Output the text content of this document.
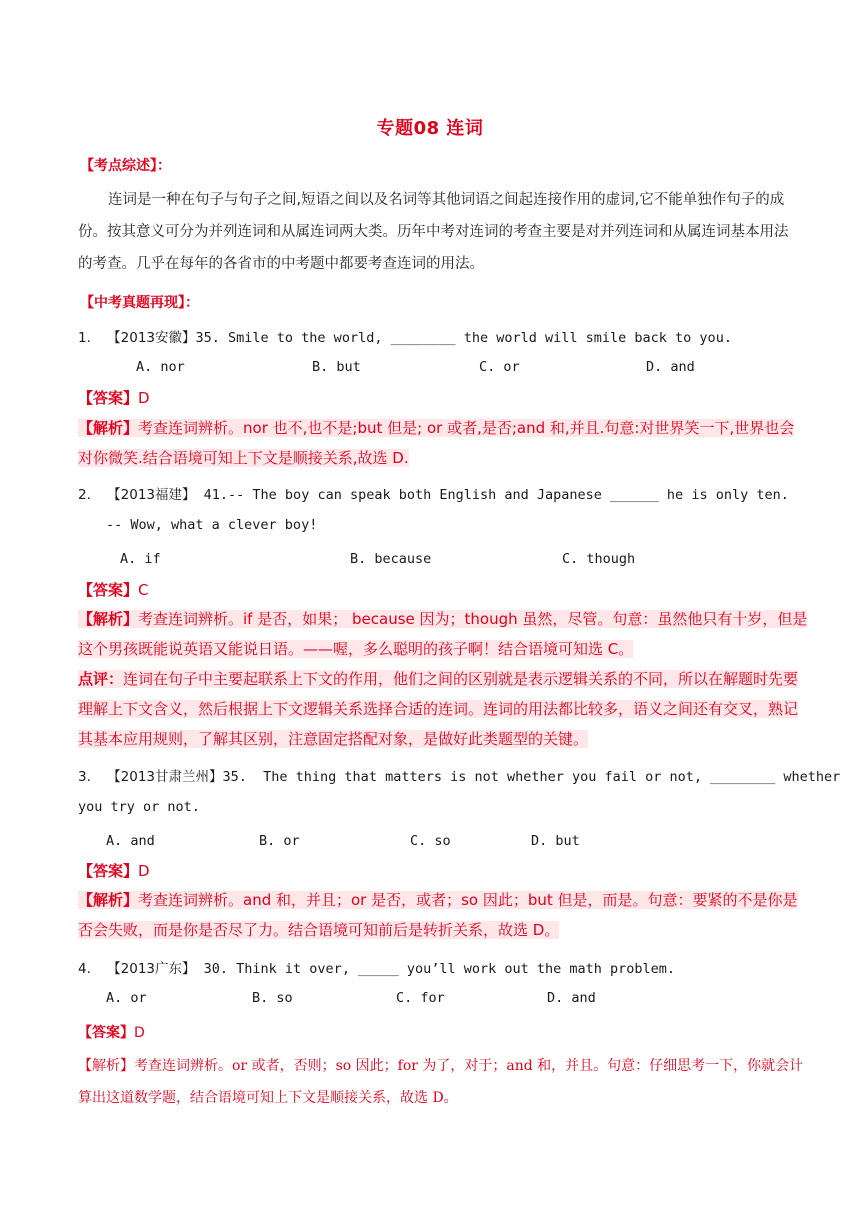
专题08 连词
【考点综述】：
连词是一种在句子与句子之间,短语之间以及名词等其他词语之间起连接作用的虚词,它不能单独作句子的成份。按其意义可分为并列连词和从属连词两大类。历年中考对连词的考查主要是对并列连词和从属连词基本用法的考查。几乎在每年的各省市的中考题中都要考查连词的用法。
【中考真题再现】：
1. 【2013安徽】35. Smile to the world, ________ the world will smile back to you.
A. nor	B. but	C. or	D. and
【答案】D
【解析】考查连词辨析。nor 也不,也不是;but 但是; or 或者,是否;and 和,并且.句意:对世界笑一下,世界也会对你微笑.结合语境可知上下文是顺接关系,故选 D.
2. 【2013福建】 41.-- The boy can speak both English and Japanese ______ he is only ten.
-- Wow, what a clever boy!
A. if	B. because	C. though
【答案】C
【解析】考查连词辨析。if 是否，如果； because 因为；though 虽然，尽管。句意：虽然他只有十岁，但是这个男孩既能说英语又能说日语。——喔，多么聪明的孩子啊！结合语境可知选 C。
点评：连词在句子中主要起联系上下文的作用，他们之间的区别就是表示逻辑关系的不同，所以在解题时先要理解上下文含义，然后根据上下文逻辑关系选择合适的连词。连词的用法都比较多，语义之间还有交叉，熟记其基本应用规则，了解其区别，注意固定搭配对象，是做好此类题型的关键。
3. 【2013甘肃兰州】35.  The thing that matters is not whether you fail or not, ________ whether
you try or not.
A. and	B. or	C. so	D. but
【答案】D
【解析】考查连词辨析。and 和，并且；or 是否，或者；so 因此；but 但是，而是。句意：要紧的不是你是否会失败，而是你是否尽了力。结合语境可知前后是转折关系，故选 D。
4. 【2013广东】 30. Think it over, _____ you’ll work out the math problem.
A. or	B. so	C. for	D. and
【答案】D
【解析】考查连词辨析。or 或者，否则；so 因此；for 为了，对于；and 和，并且。句意：仔细思考一下，你就会计算出这道数学题，结合语境可知上下文是顺接关系，故选 D。
